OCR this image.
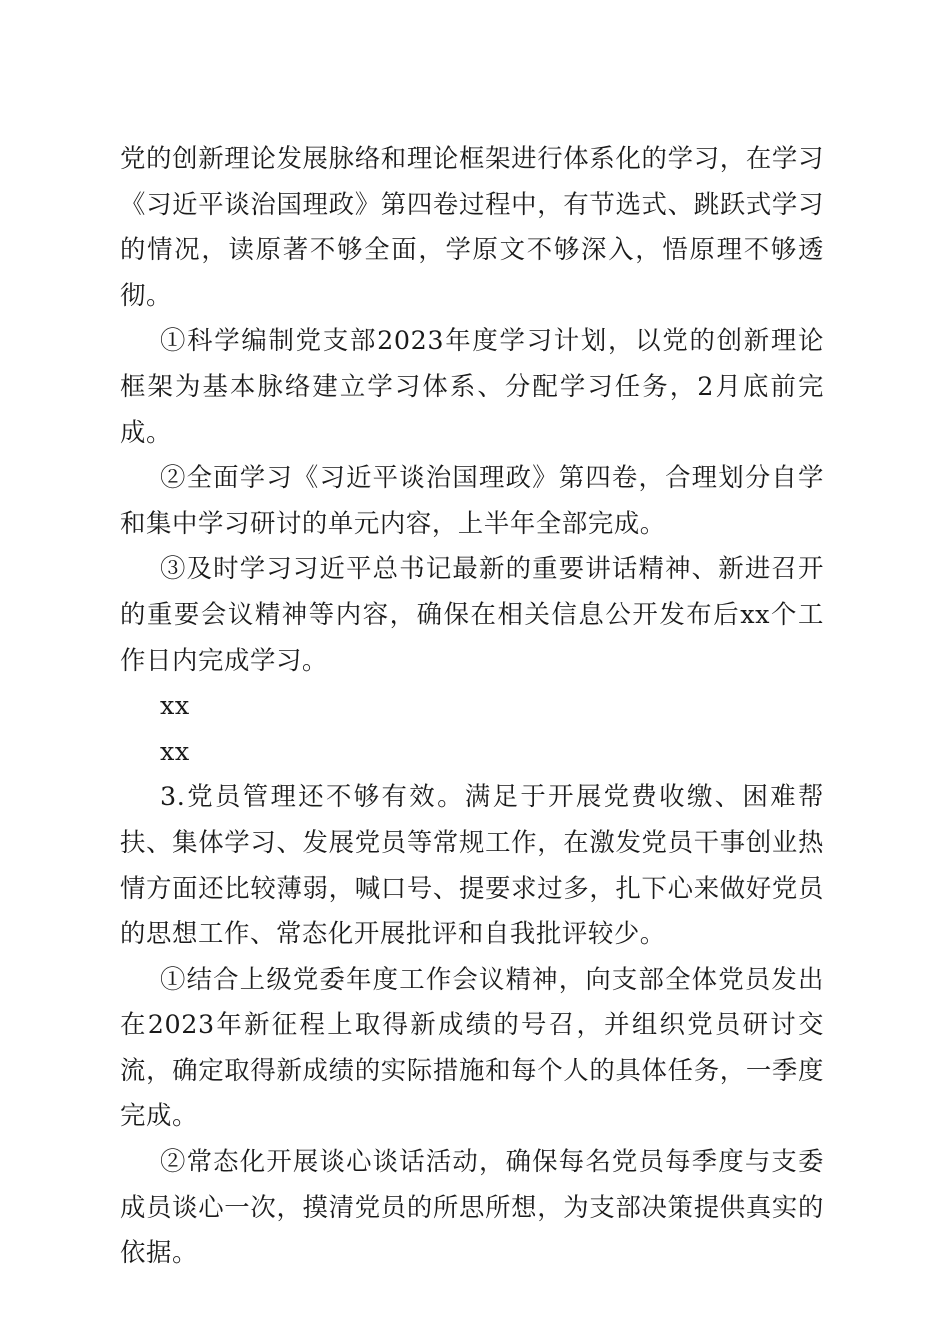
党的创新理论发展脉络和理论框架进行体系化的学习，在学习《习近平谈治国理政》第四卷过程中，有节选式、跳跃式学习的情况，读原著不够全面，学原文不够深入，悟原理不够透彻。

①科学编制党支部2023年度学习计划，以党的创新理论框架为基本脉络建立学习体系、分配学习任务，2月底前完成。

②全面学习《习近平谈治国理政》第四卷，合理划分自学和集中学习研讨的单元内容，上半年全部完成。

③及时学习习近平总书记最新的重要讲话精神、新进召开的重要会议精神等内容，确保在相关信息公开发布后xx个工作日内完成学习。

xx

xx

3.党员管理还不够有效。满足于开展党费收缴、困难帮扶、集体学习、发展党员等常规工作，在激发党员干事创业热情方面还比较薄弱，喊口号、提要求过多，扎下心来做好党员的思想工作、常态化开展批评和自我批评较少。

①结合上级党委年度工作会议精神，向支部全体党员发出在2023年新征程上取得新成绩的号召，并组织党员研讨交流，确定取得新成绩的实际措施和每个人的具体任务，一季度完成。

②常态化开展谈心谈话活动，确保每名党员每季度与支委成员谈心一次，摸清党员的所思所想，为支部决策提供真实的依据。
